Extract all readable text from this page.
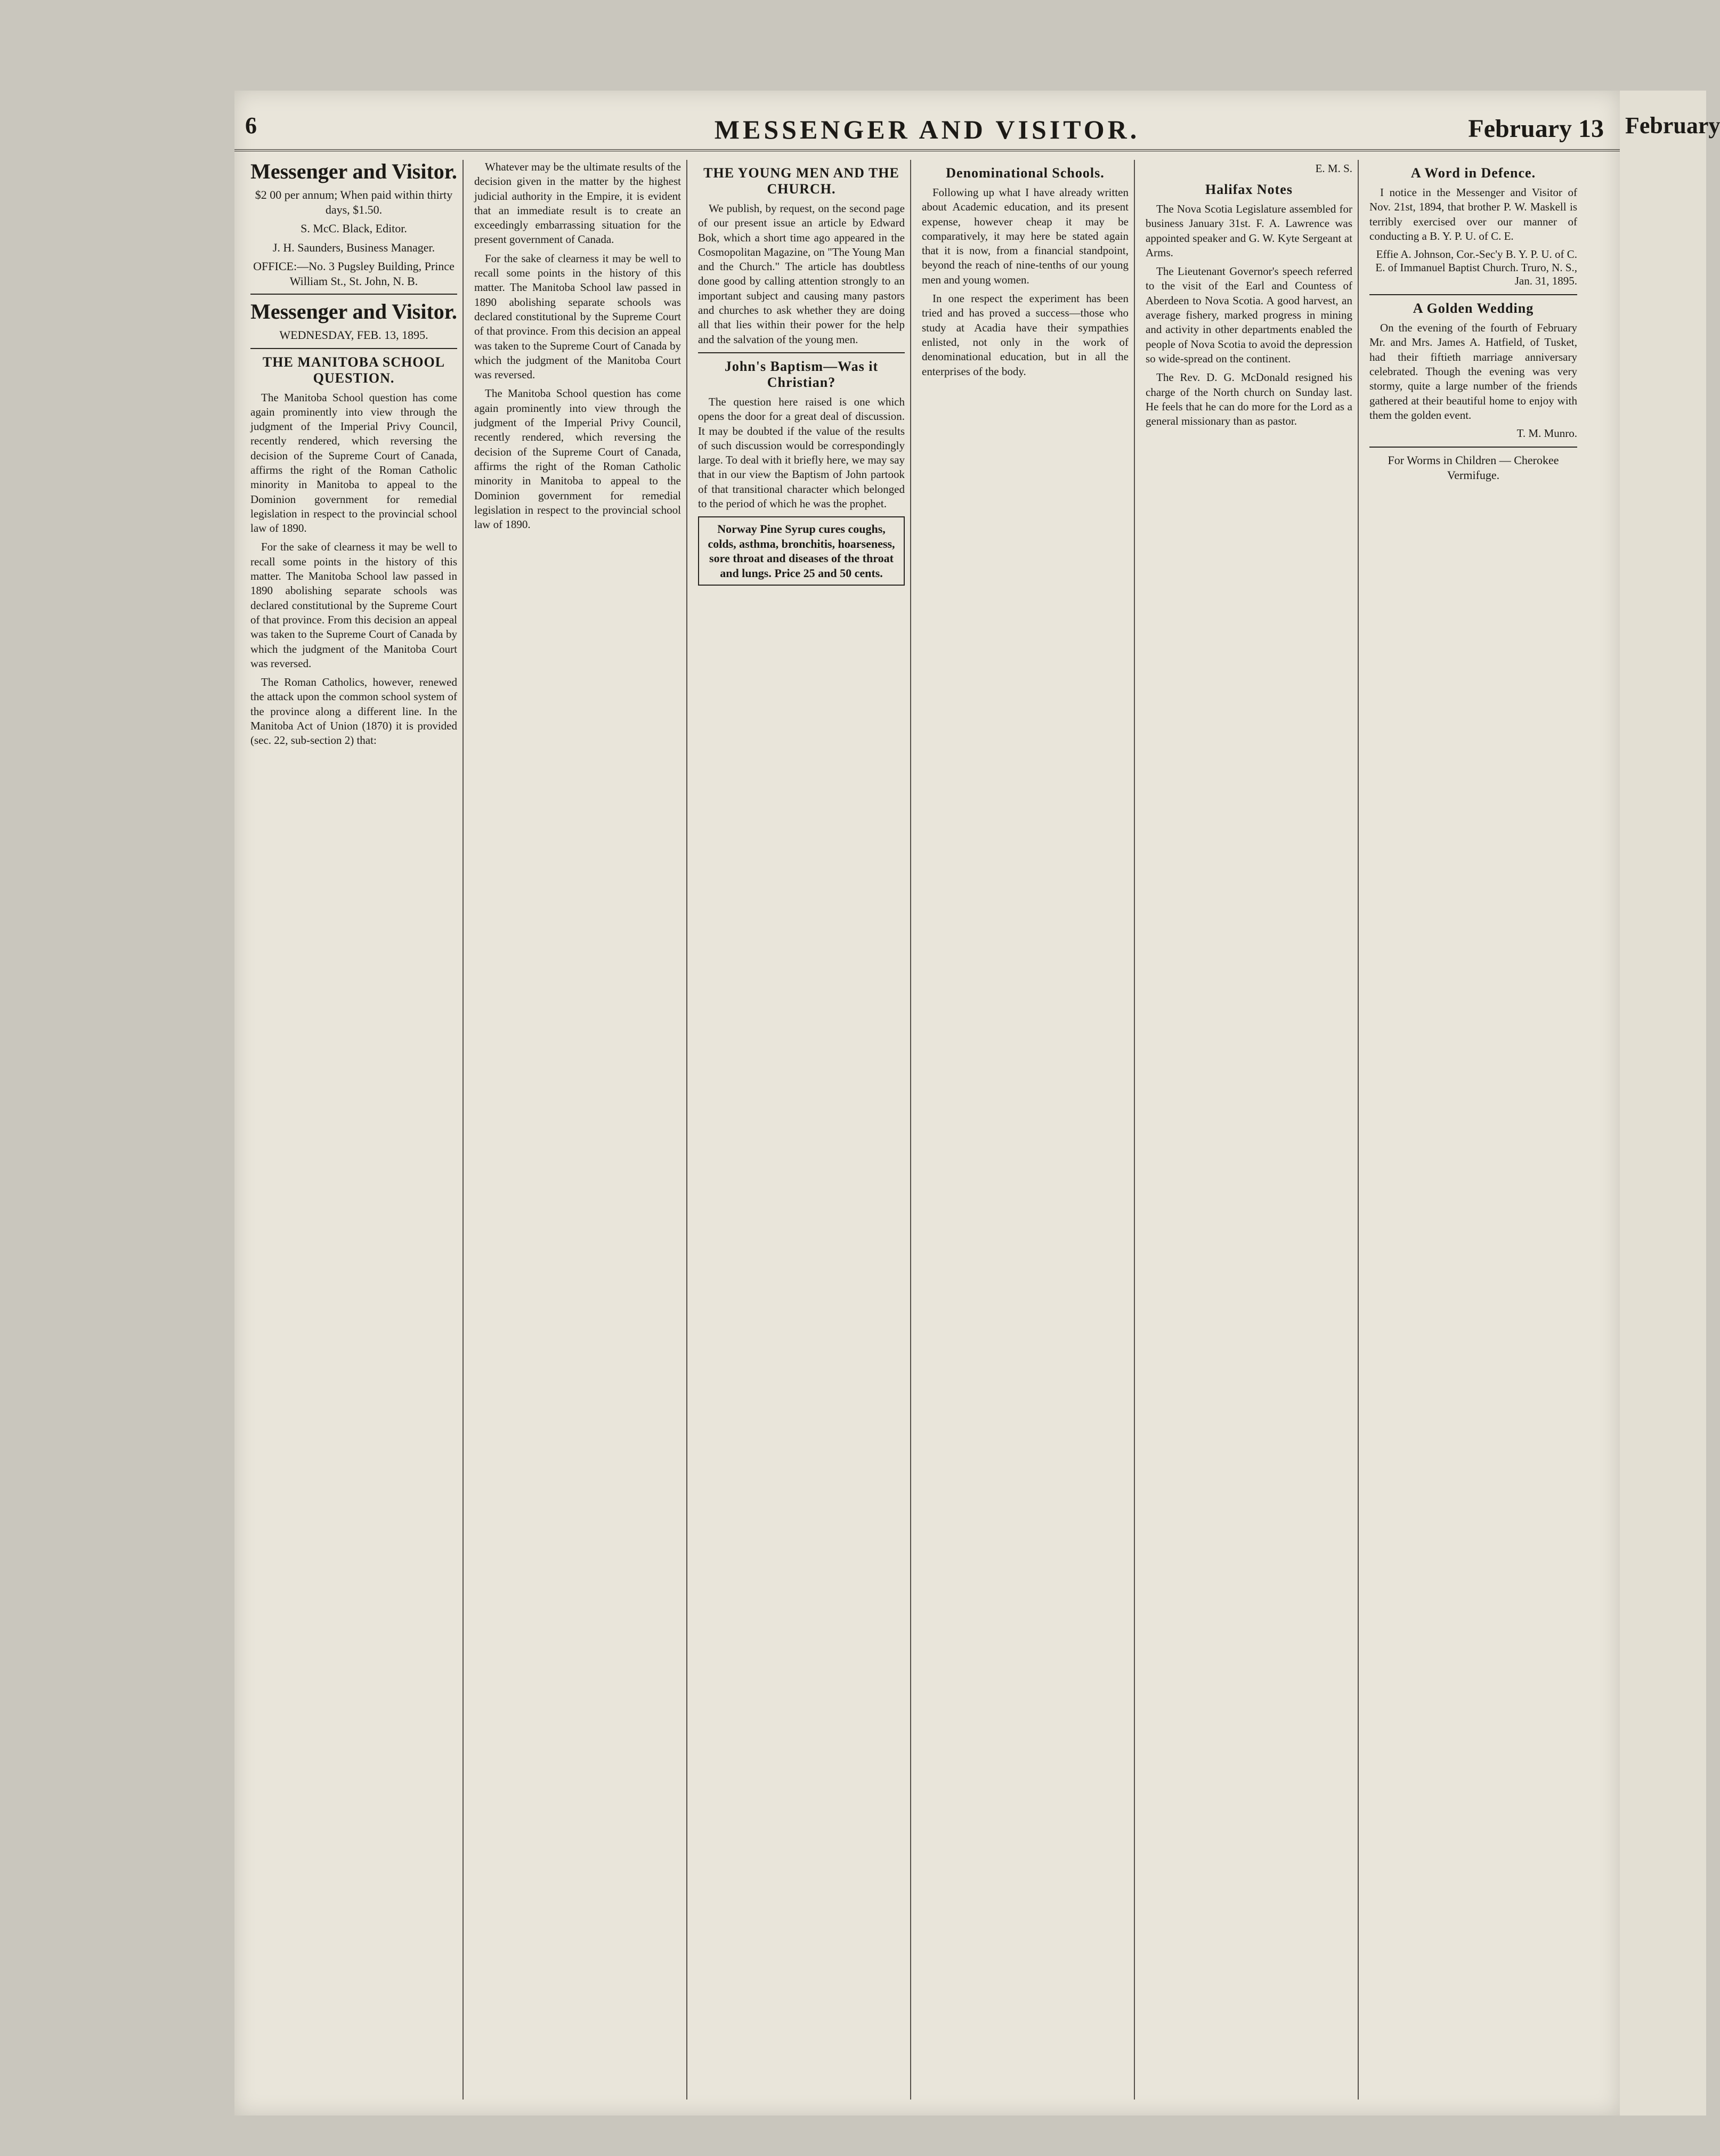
6	MESSENGER AND VISITOR.	February 13
Messenger and Visitor.
$2 00 per annum; When paid within thirty days, $1.50.
S. McC. Black, Editor.
J. H. Saunders, Business Manager.
OFFICE:—No. 3 Pugsley Building, Prince William St., St. John, N. B.
Messenger and Visitor.
WEDNESDAY, FEB. 13, 1895.
THE MANITOBA SCHOOL QUESTION.

The Manitoba School question has come again prominently into view through the judgment of the Imperial Privy Council, recently rendered, which reversing the decision of the Supreme Court of Canada, affirms the right of the Roman Catholic minority in Manitoba to appeal to the Dominion government for remedial legislation in respect to the provincial school law of 1890.

For the sake of clearness it may be well to recall some points in the history of this matter. The Manitoba School law passed in 1890 abolishing separate schools was declared constitutional by the Supreme Court of that province. From this decision an appeal was taken to the Supreme Court of Canada by which the judgment of the Manitoba Court was reversed.

The Roman Catholics, however, renewed the attack upon the common school system of the province along a different line. In the Manitoba Act of Union (1870) it is provided (sec. 22, sub-section 2) that:

Whatever may be the ultimate results of the decision given in the matter by the highest judicial authority in the Empire, it is evident that an immediate result is to create an exceedingly embarrassing situation for the present government of Canada.

For the sake of clearness it may be well to recall some points in the history of this matter. The Manitoba School law passed in 1890 abolishing separate schools was declared constitutional by the Supreme Court of that province. From this decision an appeal was taken to the Supreme Court of Canada by which the judgment of the Manitoba Court was reversed.

The Manitoba School question has come again prominently into view through the judgment of the Imperial Privy Council, recently rendered, which reversing the decision of the Supreme Court of Canada, affirms the right of the Roman Catholic minority in Manitoba to appeal to the Dominion government for remedial legislation in respect to the provincial school law of 1890.

THE YOUNG MEN AND THE CHURCH.

We publish, by request, on the second page of our present issue an article by Edward Bok, which a short time ago appeared in the Cosmopolitan Magazine, on "The Young Man and the Church." The article has doubtless done good by calling attention strongly to an important subject and causing many pastors and churches to ask whether they are doing all that lies within their power for the help and the salvation of the young men.

John's Baptism—Was it Christian?

The question here raised is one which opens the door for a great deal of discussion. It may be doubted if the value of the results of such discussion would be correspondingly large. To deal with it briefly here, we may say that in our view the Baptism of John partook of that transitional character which belonged to the period of which he was the prophet.

Norway Pine Syrup cures coughs, colds, asthma, bronchitis, hoarseness, sore throat and diseases of the throat and lungs. Price 25 and 50 cents.
Denominational Schools.

Following up what I have already written about Academic education, and its present expense, however cheap it may be comparatively, it may here be stated again that it is now, from a financial standpoint, beyond the reach of nine-tenths of our young men and young women.

In one respect the experiment has been tried and has proved a success—those who study at Acadia have their sympathies enlisted, not only in the work of denominational education, but in all the enterprises of the body.

E. M. S.
Halifax Notes

The Nova Scotia Legislature assembled for business January 31st. F. A. Lawrence was appointed speaker and G. W. Kyte Sergeant at Arms.

The Lieutenant Governor's speech referred to the visit of the Earl and Countess of Aberdeen to Nova Scotia. A good harvest, an average fishery, marked progress in mining and activity in other departments enabled the people of Nova Scotia to avoid the depression so wide-spread on the continent.

The Rev. D. G. McDonald resigned his charge of the North church on Sunday last. He feels that he can do more for the Lord as a general missionary than as pastor.

A Word in Defence.

I notice in the Messenger and Visitor of Nov. 21st, 1894, that brother P. W. Maskell is terribly exercised over our manner of conducting a B. Y. P. U. of C. E.

Effie A. Johnson, Cor.-Sec'y B. Y. P. U. of C. E. of Immanuel Baptist Church. Truro, N. S., Jan. 31, 1895.
A Golden Wedding

On the evening of the fourth of February Mr. and Mrs. James A. Hatfield, of Tusket, had their fiftieth marriage anniversary celebrated. Though the evening was very stormy, quite a large number of the friends gathered at their beautiful home to enjoy with them the golden event.

T. M. Munro.
For Worms in Children — Cherokee Vermifuge.
February
